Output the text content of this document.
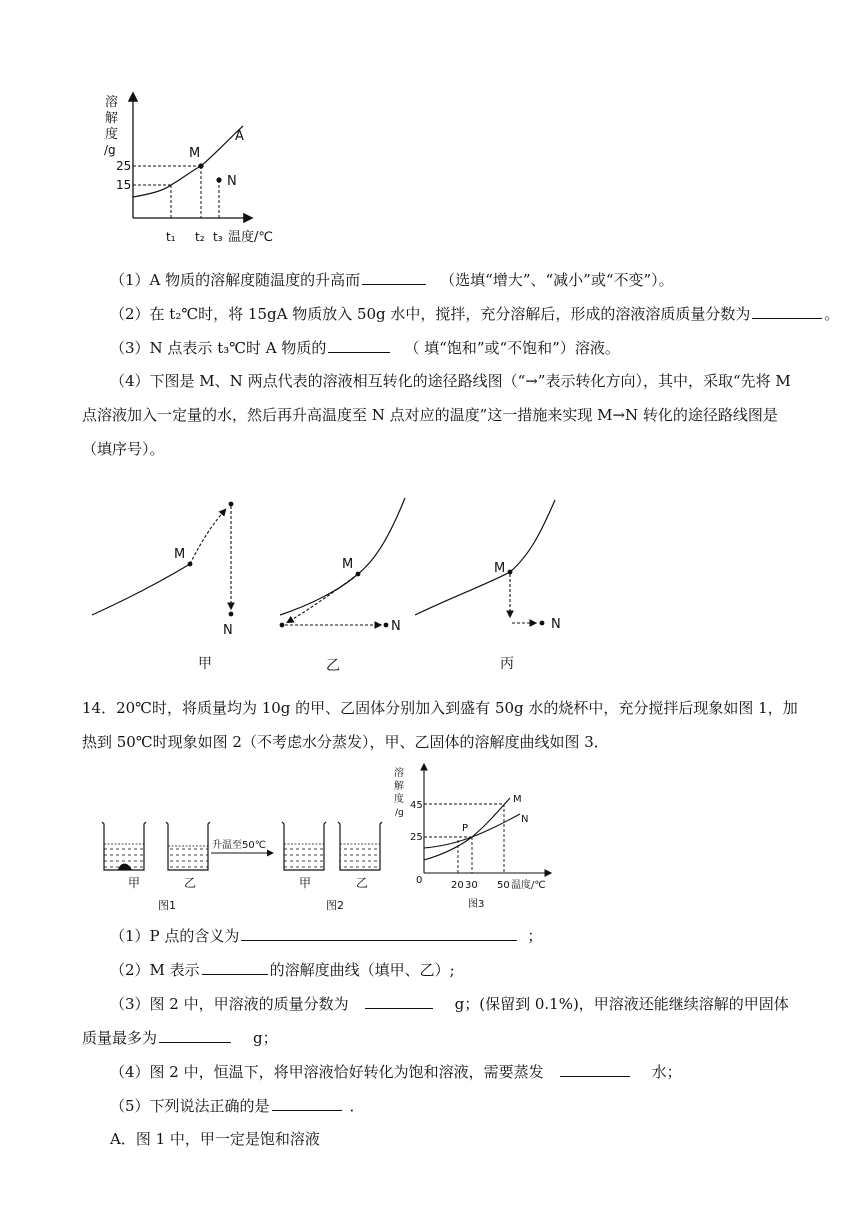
溶
解
度
/g
25
15
A
M
N
t₁ t₂ t₃ 温度/℃
（1）A 物质的溶解度随温度的升高而	（选填“增大”、“减小”或“不变”）。
（2）在 t₂℃时，将 15gA 物质放入 50g 水中，搅拌，充分溶解后，形成的溶液溶质质量分数为	。
（3）N 点表示 t₃℃时 A 物质的	（ 填“饱和”或“不饱和”）溶液。
（4）下图是 M、N 两点代表的溶液相互转化的途径路线图（“→”表示转化方向），其中，采取“先将 M
点溶液加入一定量的水，然后再升高温度至 N 点对应的温度”这一措施来实现 M→N 转化的途径路线图是
（填序号）。
M
N
甲
M
N
乙
M
N
丙
14．20℃时，将质量均为 10g 的甲、乙固体分别加入到盛有 50g 水的烧杯中，充分搅拌后现象如图 1，加
热到 50℃时现象如图 2（不考虑水分蒸发），甲、乙固体的溶解度曲线如图 3．
甲	乙
升温至50℃
甲	乙
图1	图2
溶
解
度
/g
45
25
0
M
N
P
20 30 50 温度/℃
图3
（1）P 点的含义为	；
（2）M 表示	的溶解度曲线（填甲、乙）;
（3）图 2 中，甲溶液的质量分数为	g；(保留到 0.1%)，甲溶液还能继续溶解的甲固体
质量最多为	g；
（4）图 2 中，恒温下，将甲溶液恰好转化为饱和溶液，需要蒸发	水；
（5）下列说法正确的是	．
A．图 1 中，甲一定是饱和溶液
